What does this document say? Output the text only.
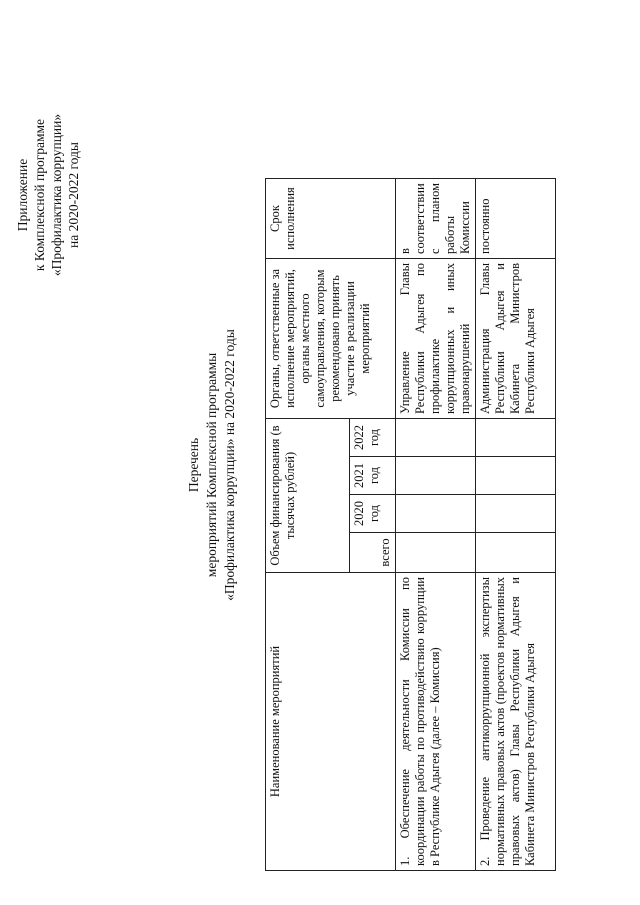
Приложение к Комплексной программе «Профилактика коррупции» на 2020-2022 годы
Перечень мероприятий Комплексной программы «Профилактика коррупции» на 2020-2022 годы
Наименование мероприятий	Объем финансирования (в тысячах рублей)				Органы, ответственные за исполнение мероприятий, органы местного самоуправления, которым рекомендовано принять участие в реализации мероприятий	Срок исполнения
	всего	2020 год	2021 год	2022 год		
1. Обеспечение деятельности Комиссии по координации работы по противодействию коррупции в Республике Адыгея (далее – Комиссия)					Управление Главы Республики Адыгея по профилактике коррупционных и иных правонарушений	в соответствии с планом работы Комиссии
2. Проведение антикоррупционной экспертизы нормативных правовых актов (проектов нормативных правовых актов) Главы Республики Адыгея и Кабинета Министров Республики Адыгея					Администрация Главы Республики Адыгея и Кабинета Министров Республики Адыгея	постоянно
